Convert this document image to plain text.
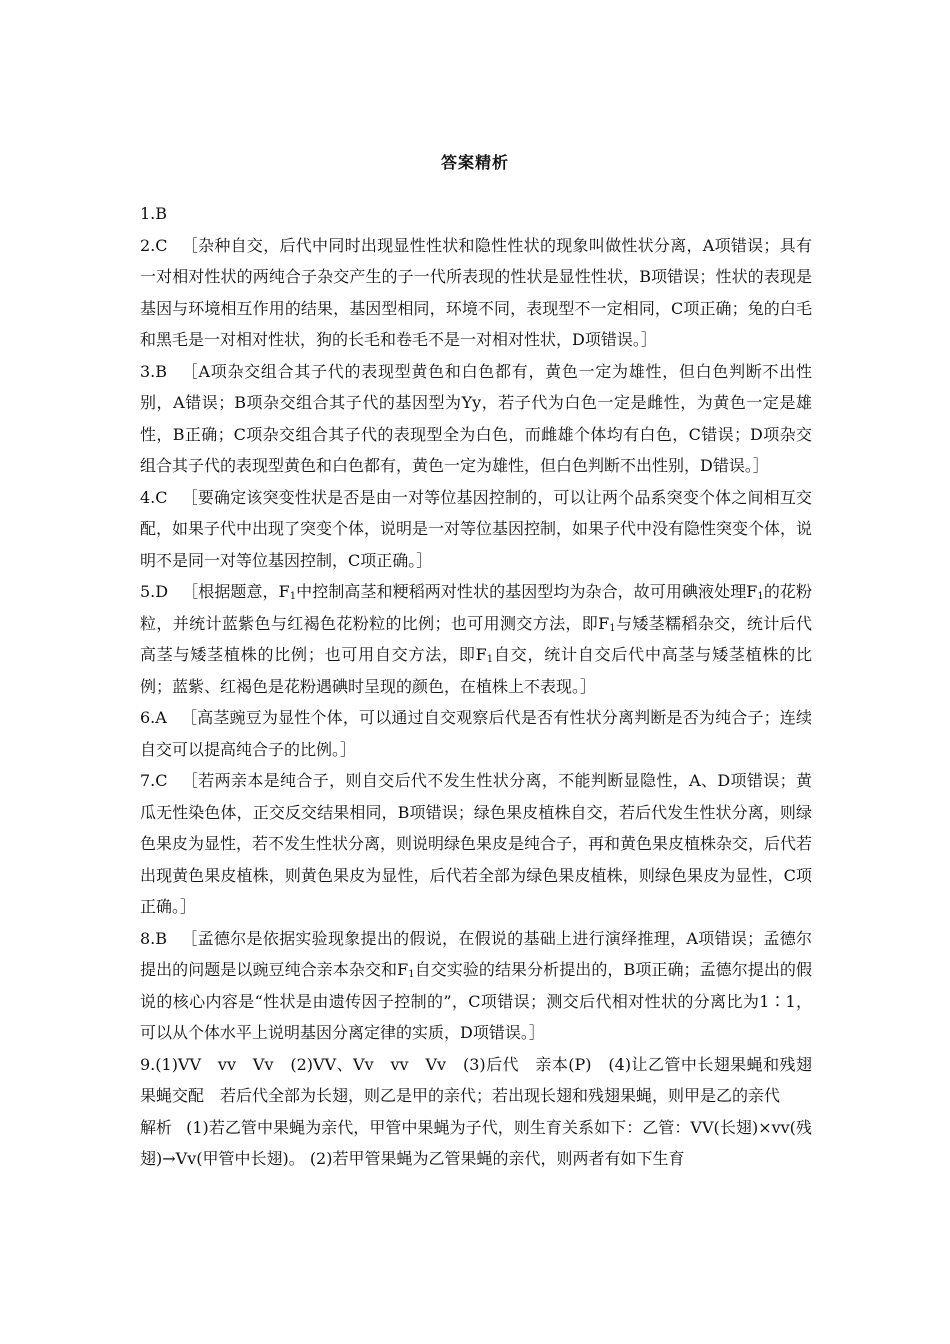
答案精析

1.B

2.C ［杂种自交，后代中同时出现显性性状和隐性性状的现象叫做性状分离，A项错误；具有一对相对性状的两纯合子杂交产生的子一代所表现的性状是显性性状，B项错误；性状的表现是基因与环境相互作用的结果，基因型相同，环境不同，表现型不一定相同，C项正确；兔的白毛和黑毛是一对相对性状，狗的长毛和卷毛不是一对相对性状，D项错误。］

3.B ［A项杂交组合其子代的表现型黄色和白色都有，黄色一定为雄性，但白色判断不出性别，A错误；B项杂交组合其子代的基因型为Yy，若子代为白色一定是雌性，为黄色一定是雄性，B正确；C项杂交组合其子代的表现型全为白色，而雌雄个体均有白色，C错误；D项杂交组合其子代的表现型黄色和白色都有，黄色一定为雄性，但白色判断不出性别，D错误。］

4.C ［要确定该突变性状是否是由一对等位基因控制的，可以让两个品系突变个体之间相互交配，如果子代中出现了突变个体，说明是一对等位基因控制，如果子代中没有隐性突变个体，说明不是同一对等位基因控制，C项正确。］

5.D ［根据题意，$F_1$中控制高茎和粳稻两对性状的基因型均为杂合，故可用碘液处理$F_1$的花粉粒，并统计蓝紫色与红褐色花粉粒的比例；也可用测交方法，即$F_1$与矮茎糯稻杂交，统计后代高茎与矮茎植株的比例；也可用自交方法，即$F_1$自交，统计自交后代中高茎与矮茎植株的比例；蓝紫、红褐色是花粉遇碘时呈现的颜色，在植株上不表现。］

6.A ［高茎豌豆为显性个体，可以通过自交观察后代是否有性状分离判断是否为纯合子；连续自交可以提高纯合子的比例。］

7.C ［若两亲本是纯合子，则自交后代不发生性状分离，不能判断显隐性，A、D项错误；黄瓜无性染色体，正交反交结果相同，B项错误；绿色果皮植株自交，若后代发生性状分离，则绿色果皮为显性，若不发生性状分离，则说明绿色果皮是纯合子，再和黄色果皮植株杂交，后代若出现黄色果皮植株，则黄色果皮为显性，后代若全部为绿色果皮植株，则绿色果皮为显性，C项正确。］

8.B ［孟德尔是依据实验现象提出的假说，在假说的基础上进行演绎推理，A项错误；孟德尔提出的问题是以豌豆纯合亲本杂交和$F_1$自交实验的结果分析提出的，B项正确；孟德尔提出的假说的核心内容是“性状是由遗传因子控制的”，C项错误；测交后代相对性状的分离比为1∶1，可以从个体水平上说明基因分离定律的实质，D项错误。］

9.(1)VV　vv　Vv　(2)VV、Vv　vv　Vv　(3)后代　亲本(P)　(4)让乙管中长翅果蝇和残翅果蝇交配　若后代全部为长翅，则乙是甲的亲代；若出现长翅和残翅果蝇，则甲是乙的亲代

解析 (1)若乙管中果蝇为亲代，甲管中果蝇为子代，则生育关系如下：乙管：VV(长翅)×vv(残翅)→Vv(甲管中长翅)。 (2)若甲管果蝇为乙管果蝇的亲代，则两者有如下生育
